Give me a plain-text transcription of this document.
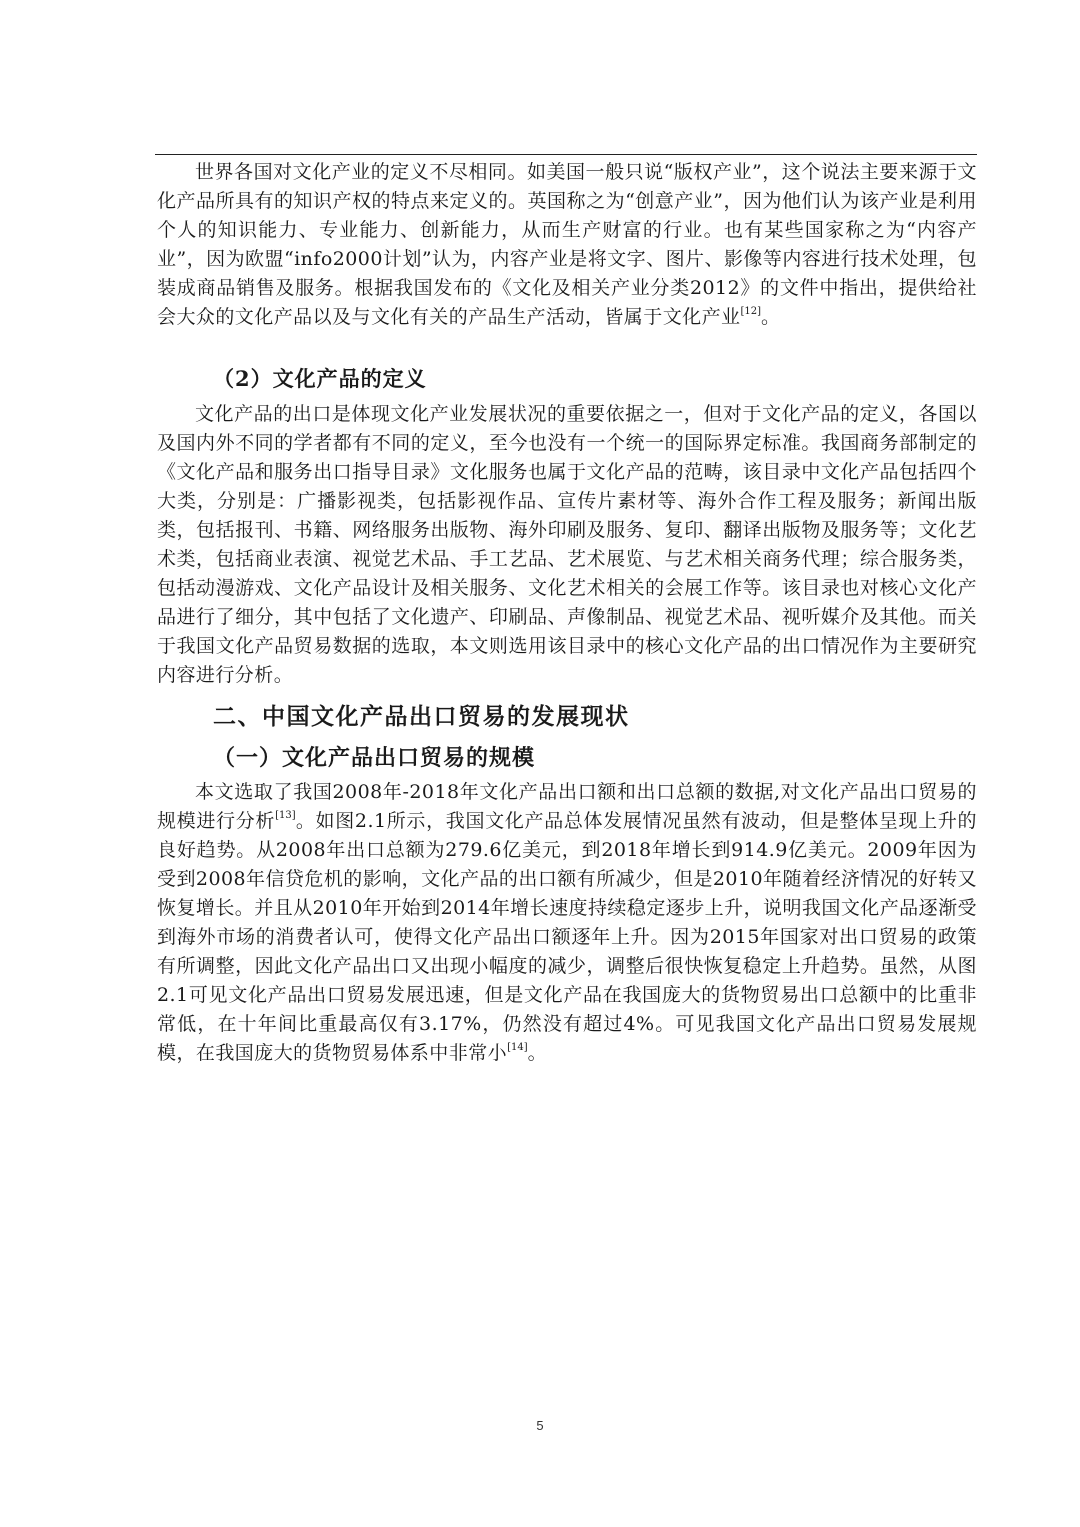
世界各国对文化产业的定义不尽相同。如美国一般只说“版权产业”，这个说法主要来源于文化产品所具有的知识产权的特点来定义的。英国称之为“创意产业”，因为他们认为该产业是利用个人的知识能力、专业能力、创新能力，从而生产财富的行业。也有某些国家称之为“内容产业”，因为欧盟“info2000计划”认为，内容产业是将文字、图片、影像等内容进行技术处理，包装成商品销售及服务。根据我国发布的《文化及相关产业分类2012》的文件中指出，提供给社会大众的文化产品以及与文化有关的产品生产活动，皆属于文化产业[12]。

（2）文化产品的定义

文化产品的出口是体现文化产业发展状况的重要依据之一，但对于文化产品的定义，各国以及国内外不同的学者都有不同的定义，至今也没有一个统一的国际界定标准。我国商务部制定的《文化产品和服务出口指导目录》文化服务也属于文化产品的范畴，该目录中文化产品包括四个大类，分别是：广播影视类，包括影视作品、宣传片素材等、海外合作工程及服务；新闻出版类，包括报刊、书籍、网络服务出版物、海外印刷及服务、复印、翻译出版物及服务等；文化艺术类，包括商业表演、视觉艺术品、手工艺品、艺术展览、与艺术相关商务代理；综合服务类，包括动漫游戏、文化产品设计及相关服务、文化艺术相关的会展工作等。该目录也对核心文化产品进行了细分，其中包括了文化遗产、印刷品、声像制品、视觉艺术品、视听媒介及其他。而关于我国文化产品贸易数据的选取，本文则选用该目录中的核心文化产品的出口情况作为主要研究内容进行分析。

二、中国文化产品出口贸易的发展现状
（一）文化产品出口贸易的规模

本文选取了我国2008年-2018年文化产品出口额和出口总额的数据,对文化产品出口贸易的规模进行分析[13]。如图2.1所示，我国文化产品总体发展情况虽然有波动，但是整体呈现上升的良好趋势。从2008年出口总额为279.6亿美元，到2018年增长到914.9亿美元。2009年因为受到2008年信贷危机的影响，文化产品的出口额有所减少，但是2010年随着经济情况的好转又恢复增长。并且从2010年开始到2014年增长速度持续稳定逐步上升，说明我国文化产品逐渐受到海外市场的消费者认可，使得文化产品出口额逐年上升。因为2015年国家对出口贸易的政策有所调整，因此文化产品出口又出现小幅度的减少，调整后很快恢复稳定上升趋势。虽然，从图2.1可见文化产品出口贸易发展迅速，但是文化产品在我国庞大的货物贸易出口总额中的比重非常低，在十年间比重最高仅有3.17%，仍然没有超过4%。可见我国文化产品出口贸易发展规模，在我国庞大的货物贸易体系中非常小[14]。

5
